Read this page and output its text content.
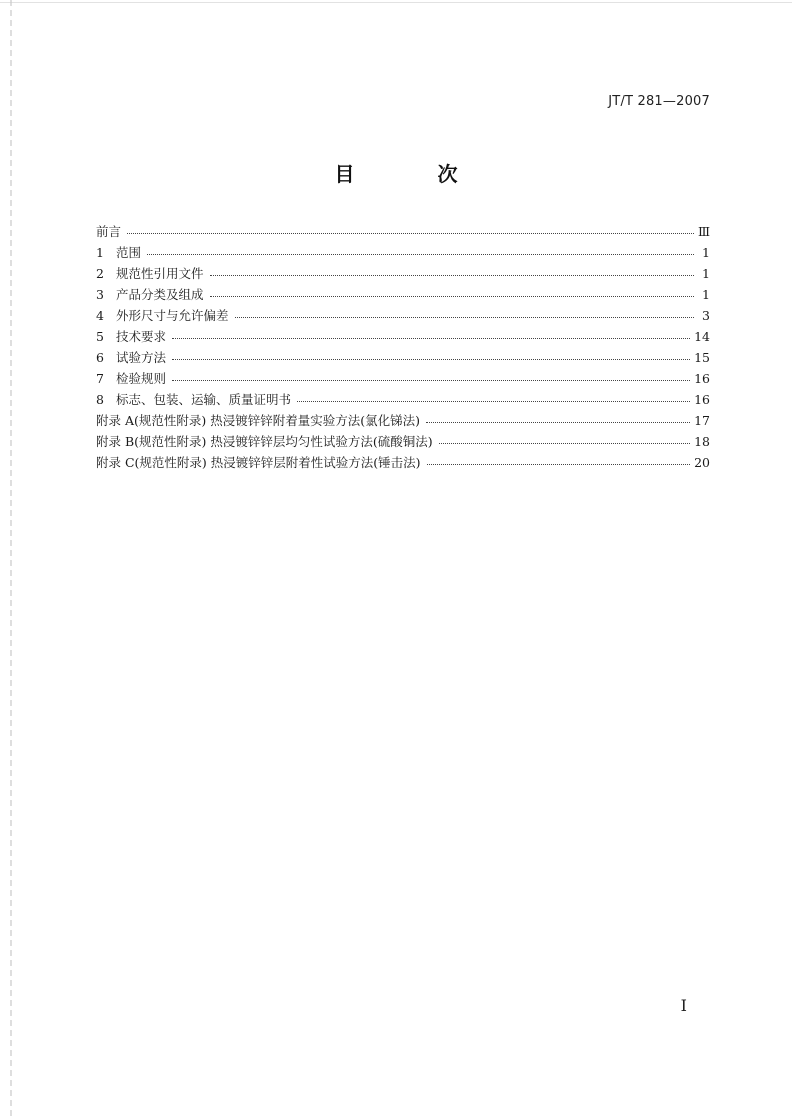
JT/T 281—2007
目 次
前言	Ⅲ
1 范围	1
2 规范性引用文件	1
3 产品分类及组成	1
4 外形尺寸与允许偏差	3
5 技术要求	14
6 试验方法	15
7 检验规则	16
8 标志、包装、运输、质量证明书	16
附录 A(规范性附录) 热浸镀锌锌附着量实验方法(氯化锑法)	17
附录 B(规范性附录) 热浸镀锌锌层均匀性试验方法(硫酸铜法)	18
附录 C(规范性附录) 热浸镀锌锌层附着性试验方法(锤击法)	20
I
